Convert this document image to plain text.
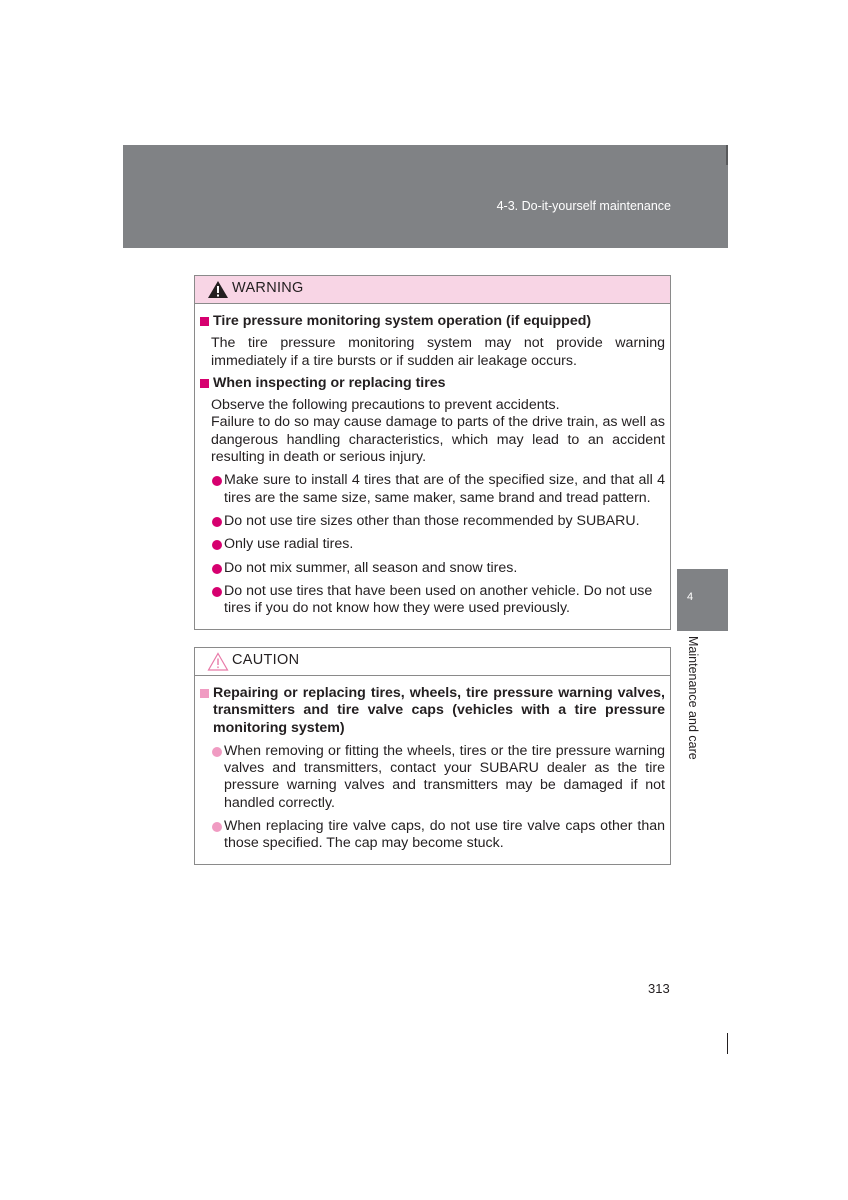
4-3. Do-it-yourself maintenance
4
Maintenance and care
WARNING
Tire pressure monitoring system operation (if equipped)
The tire pressure monitoring system may not provide warning immediately if a tire bursts or if sudden air leakage occurs.
When inspecting or replacing tires
Observe the following precautions to prevent accidents.
Failure to do so may cause damage to parts of the drive train, as well as dangerous handling characteristics, which may lead to an accident resulting in death or serious injury.
Make sure to install 4 tires that are of the specified size, and that all 4 tires are the same size, same maker, same brand and tread pattern.
Do not use tire sizes other than those recommended by SUBARU.
Only use radial tires.
Do not mix summer, all season and snow tires.
Do not use tires that have been used on another vehicle. Do not use tires if you do not know how they were used previously.
CAUTION
Repairing or replacing tires, wheels, tire pressure warning valves, transmitters and tire valve caps (vehicles with a tire pressure monitoring system)
When removing or fitting the wheels, tires or the tire pressure warning valves and transmitters, contact your SUBARU dealer as the tire pressure warning valves and transmitters may be damaged if not handled correctly.
When replacing tire valve caps, do not use tire valve caps other than those specified. The cap may become stuck.
313
